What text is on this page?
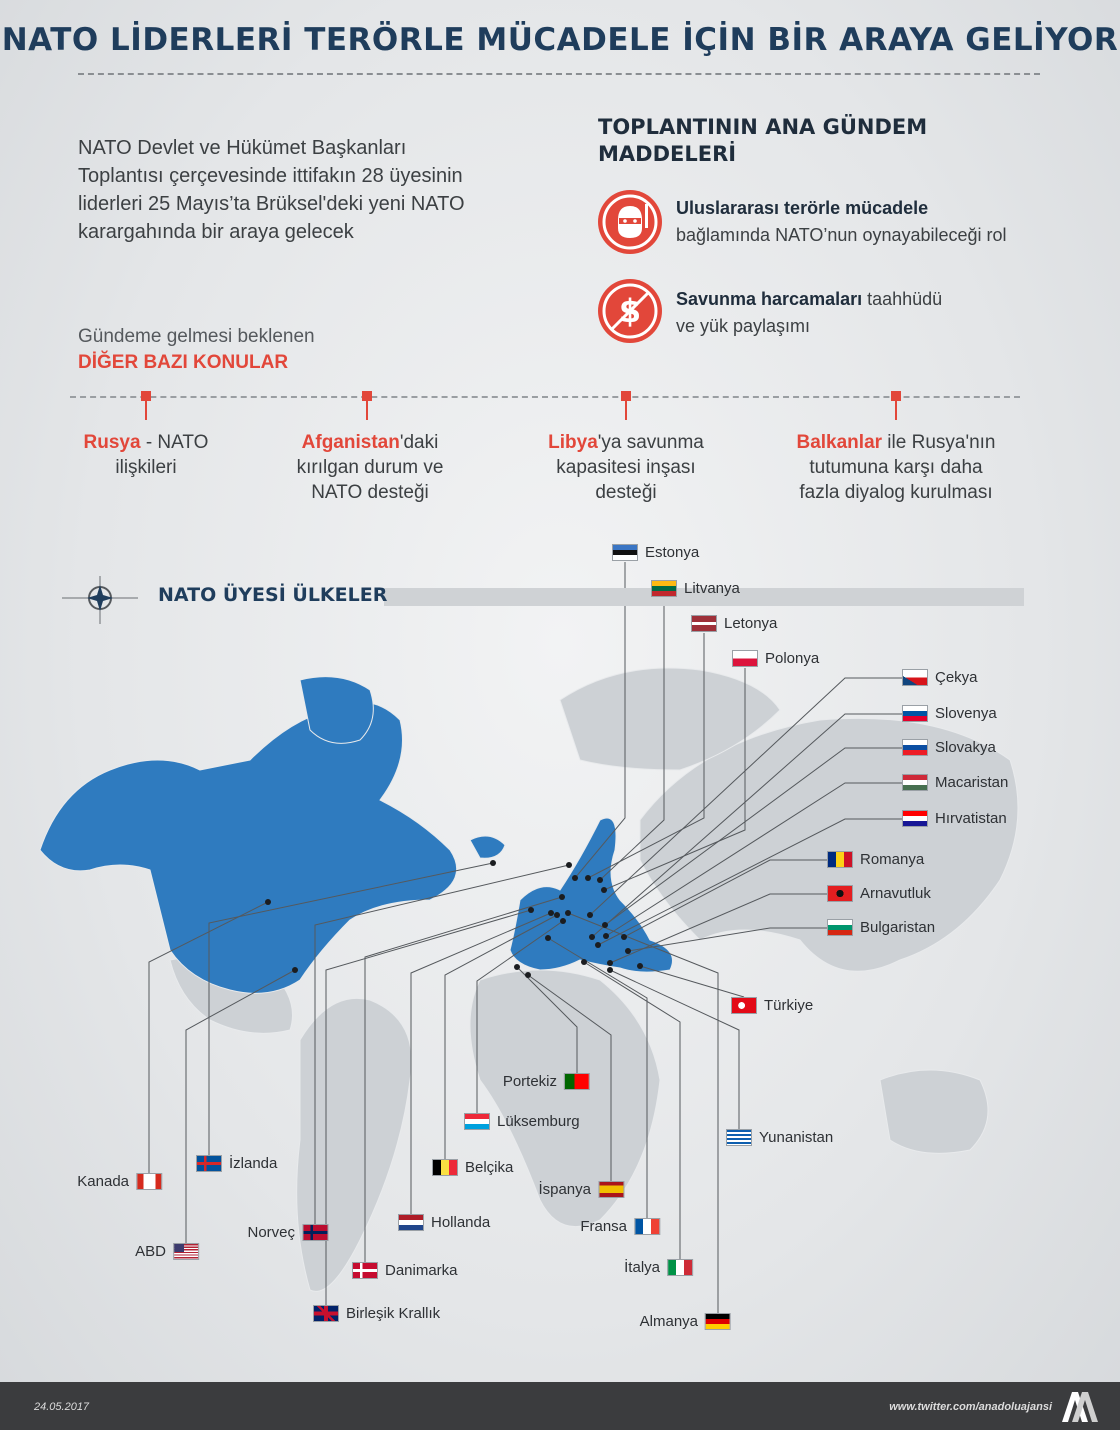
NATO LİDERLERİ TERÖRLE MÜCADELE İÇİN BİR ARAYA GELİYOR
NATO Devlet ve Hükümet Başkanları
Toplantısı çerçevesinde ittifakın 28 üyesinin
liderleri 25 Mayıs’ta Brüksel'deki yeni NATO
karargahında bir araya gelecek
TOPLANTININ ANA GÜNDEM
MADDELERİ
Uluslararası terörle mücadele
bağlamında NATO’nun oynayabileceği rol
$ Savunma harcamaları taahhüdü
ve yük paylaşımı
Gündeme gelmesi beklenen
DİĞER BAZI KONULAR
Rusya - NATO
ilişkileri
Afganistan'daki
kırılgan durum ve
NATO desteği
Libya'ya savunma
kapasitesi inşası
desteği
Balkanlar ile Rusya'nın
tutumuna karşı daha
fazla diyalog kurulması
NATO ÜYESİ ÜLKELER
Estonya
Litvanya
Letonya
Polonya
Çekya
Slovenya
Slovakya
Macaristan
Hırvatistan
Romanya
Arnavutluk
Bulgaristan
Türkiye
Yunanistan
Portekiz
Lüksemburg
Belçika
İspanya
Fransa
İtalya
Almanya
Hollanda
Danimarka
Birleşik Krallık
Norveç
İzlanda
Kanada
ABD
24.05.2017	www.twitter.com/anadoluajansi
